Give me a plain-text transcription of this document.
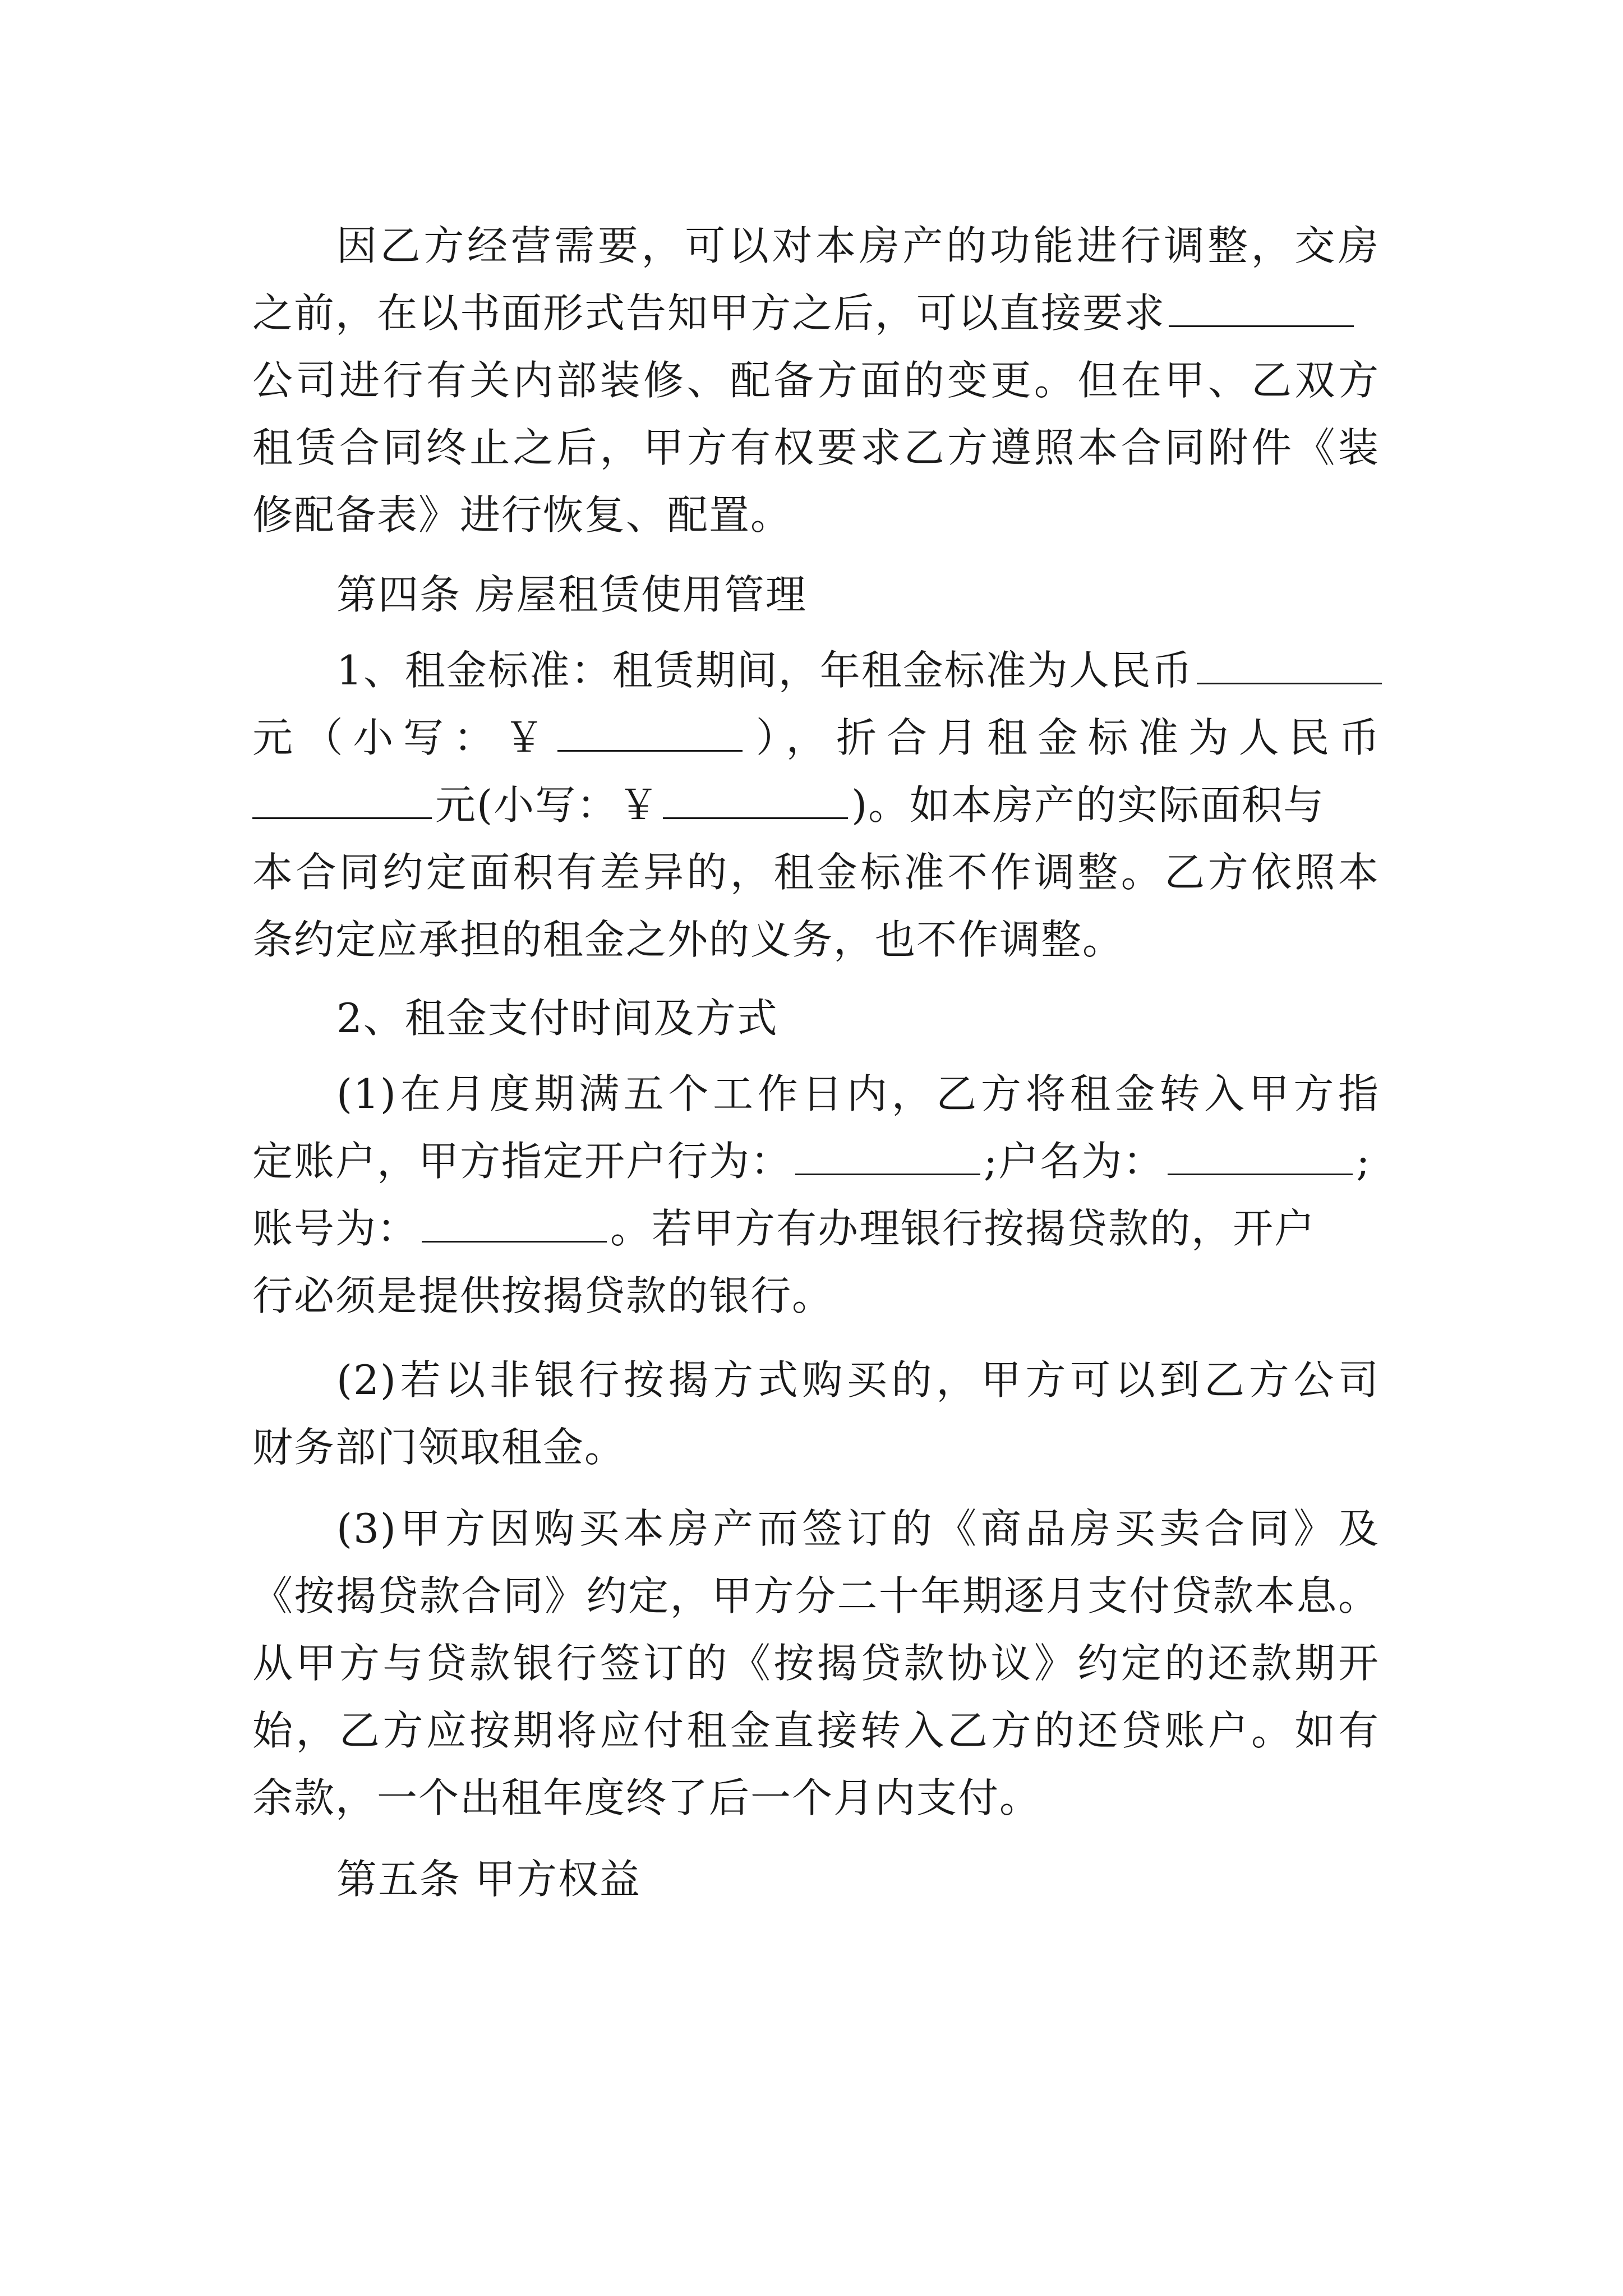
因乙方经营需要，可以对本房产的功能进行调整，交房
之前，在以书面形式告知甲方之后，可以直接要求
公司进行有关内部装修、配备方面的变更。但在甲、乙双方
租赁合同终止之后，甲方有权要求乙方遵照本合同附件《装
修配备表》进行恢复、配置。
第四条 房屋租赁使用管理
1、租金标准：租赁期间，年租金标准为人民币
元（小写：￥	），折合月租金标准为人民币
元(小写：￥	)。如本房产的实际面积与
本合同约定面积有差异的，租金标准不作调整。乙方依照本
条约定应承担的租金之外的义务，也不作调整。
2、租金支付时间及方式
(1)在月度期满五个工作日内，乙方将租金转入甲方指
定账户，甲方指定开户行为：	;户名为：	;
账号为：	。若甲方有办理银行按揭贷款的，开户
行必须是提供按揭贷款的银行。
(2)若以非银行按揭方式购买的，甲方可以到乙方公司
财务部门领取租金。
(3)甲方因购买本房产而签订的《商品房买卖合同》及
《按揭贷款合同》约定，甲方分二十年期逐月支付贷款本息。
从甲方与贷款银行签订的《按揭贷款协议》约定的还款期开
始，乙方应按期将应付租金直接转入乙方的还贷账户。如有
余款，一个出租年度终了后一个月内支付。
第五条 甲方权益
